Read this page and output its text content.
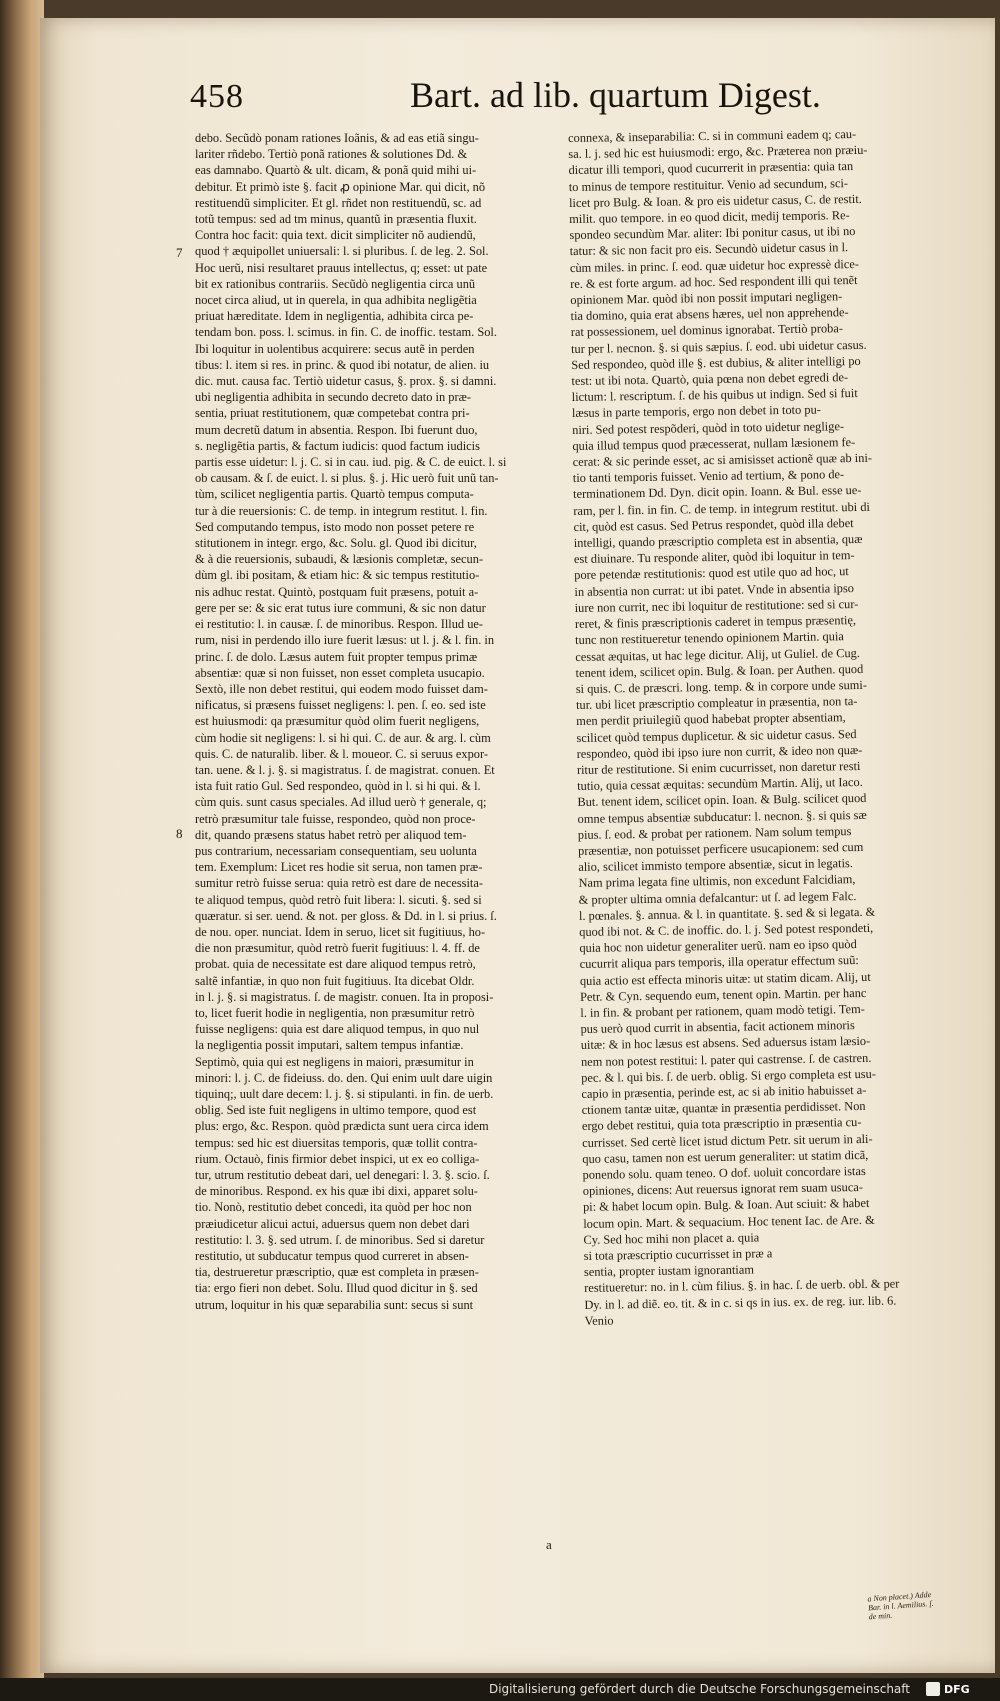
458	Bart. ad lib. quartum Digest.
7
8
a
debo. Secũdò ponam rationes Ioãnis, & ad eas etiã singu-
lariter rñdebo. Tertiò ponã rationes & solutiones Dd. &
eas damnabo. Quartò & ult. dicam, & ponã quid mihi ui-
debitur. Et primò iste §. facit ꝓ opinione Mar. qui dicit, nõ
restituendũ simpliciter. Et gl. rñdet non restituendũ, sc. ad
totũ tempus: sed ad tm minus, quantũ in præsentia fluxit.
Contra hoc facit: quia text. dicit simpliciter nõ audiendũ,
quod † æquipollet uniuersali: l. si pluribus. ſ. de leg. 2. Sol.
Hoc uerũ, nisi resultaret prauus intellectus, q; esset: ut pate
bit ex rationibus contrariis. Secũdò negligentia circa unũ
nocet circa aliud, ut in querela, in qua adhibita negligẽtia
priuat hæreditate. Idem in negligentia, adhibita circa pe-
tendam bon. poss. l. scimus. in fin. C. de inoffic. testam. Sol.
Ibi loquitur in uolentibus acquirere: secus autẽ in perden
tibus: l. item si res. in princ. & quod ibi notatur, de alien. iu
dic. mut. causa fac. Tertiò uidetur casus, §. prox. §. si damni.
ubi negligentia adhibita in secundo decreto dato in præ-
sentia, priuat restitutionem, quæ competebat contra pri-
mum decretũ datum in absentia. Respon. Ibi fuerunt duo,
s. negligẽtia partis, & factum iudicis: quod factum iudicis
partis esse uidetur: l. j. C. si in cau. iud. pig. & C. de euict. l. si
ob causam. & ſ. de euict. l. si plus. §. j. Hic uerò fuit unũ tan-
tùm, scilicet negligentia partis. Quartò tempus computa-
tur à die reuersionis: C. de temp. in integrum restitut. l. fin.
Sed computando tempus, isto modo non posset petere re
stitutionem in integr. ergo, &c. Solu. gl. Quod ibi dicitur,
& à die reuersionis, subaudi, & læsionis completæ, secun-
dùm gl. ibi positam, & etiam hic: & sic tempus restitutio-
nis adhuc restat. Quintò, postquam fuit præsens, potuit a-
gere per se: & sic erat tutus iure communi, & sic non datur
ei restitutio: l. in causæ. ſ. de minoribus. Respon. Illud ue-
rum, nisi in perdendo illo iure fuerit læsus: ut l. j. & l. fin. in
princ. ſ. de dolo. Læsus autem fuit propter tempus primæ
absentiæ: quæ si non fuisset, non esset completa usucapio.
Sextò, ille non debet restitui, qui eodem modo fuisset dam-
nificatus, si præsens fuisset negligens: l. pen. ſ. eo. sed iste
est huiusmodi: qa præsumitur quòd olim fuerit negligens,
cùm hodie sit negligens: l. si hi qui. C. de aur. & arg. l. cùm
quis. C. de naturalib. liber. & l. moueor. C. si seruus expor-
tan. uene. & l. j. §. si magistratus. ſ. de magistrat. conuen. Et
ista fuit ratio Gul. Sed respondeo, quòd in l. si hi qui. & l.
cùm quis. sunt casus speciales. Ad illud uerò † generale, q;
retrò præsumitur tale fuisse, respondeo, quòd non proce-
dit, quando præsens status habet retrò per aliquod tem-
pus contrarium, necessariam consequentiam, seu uolunta
tem. Exemplum: Licet res hodie sit serua, non tamen præ-
sumitur retrò fuisse serua: quia retrò est dare de necessita-
te aliquod tempus, quòd retrò fuit libera: l. sicuti. §. sed si
quæratur. si ser. uend. & not. per gloss. & Dd. in l. si prius. ſ.
de nou. oper. nunciat. Idem in seruo, licet sit fugitiuus, ho-
die non præsumitur, quòd retrò fuerit fugitiuus: l. 4. ff. de
probat. quia de necessitate est dare aliquod tempus retrò,
saltẽ infantiæ, in quo non fuit fugitiuus. Ita dicebat Oldr.
in l. j. §. si magistratus. ſ. de magistr. conuen. Ita in proposi-
to, licet fuerit hodie in negligentia, non præsumitur retrò
fuisse negligens: quia est dare aliquod tempus, in quo nul
la negligentia possit imputari, saltem tempus infantiæ.
Septimò, quia qui est negligens in maiori, præsumitur in
minori: l. j. C. de fideiuss. do. den. Qui enim uult dare uigin
tiquinq;, uult dare decem: l. j. §. si stipulanti. in fin. de uerb.
oblig. Sed iste fuit negligens in ultimo tempore, quod est
plus: ergo, &c. Respon. quòd prædicta sunt uera circa idem
tempus: sed hic est diuersitas temporis, quæ tollit contra-
rium. Octauò, finis firmior debet inspici, ut ex eo colliga-
tur, utrum restitutio debeat dari, uel denegari: l. 3. §. scio. ſ.
de minoribus. Respond. ex his quæ ibi dixi, apparet solu-
tio. Nonò, restitutio debet concedi, ita quòd per hoc non
præiudicetur alicui actui, aduersus quem non debet dari
restitutio: l. 3. §. sed utrum. ſ. de minoribus. Sed si daretur
restitutio, ut subducatur tempus quod curreret in absen-
tia, destrueretur præscriptio, quæ est completa in præsen-
tia: ergo fieri non debet. Solu. Illud quod dicitur in §. sed
utrum, loquitur in his quæ separabilia sunt: secus si sunt
connexa, & inseparabilia: C. si in communi eadem q; cau-
sa. l. j. sed hic est huiusmodi: ergo, &c. Præterea non præiu-
dicatur illi tempori, quod cucurrerit in præsentia: quia tan
to minus de tempore restituitur. Venio ad secundum, sci-
licet pro Bulg. & Ioan. & pro eis uidetur casus, C. de restit.
milit. quo tempore. in eo quod dicit, medij temporis. Re-
spondeo secundùm Mar. aliter: Ibi ponitur casus, ut ibi no
tatur: & sic non facit pro eis. Secundò uidetur casus in l.
cùm miles. in princ. ſ. eod. quæ uidetur hoc expressè dice-
re. & est forte argum. ad hoc. Sed respondent illi qui tenẽt
opinionem Mar. quòd ibi non possit imputari negligen-
tia domino, quia erat absens hæres, uel non apprehende-
rat possessionem, uel dominus ignorabat. Tertiò proba-
tur per l. necnon. §. si quis sæpius. ſ. eod. ubi uidetur casus.
Sed respondeo, quòd ille §. est dubius, & aliter intelligi po
test: ut ibi nota. Quartò, quia pœna non debet egredi de-
lictum: l. rescriptum. ſ. de his quibus ut indign. Sed si fuit
læsus in parte temporis, ergo non debet in toto pu-
niri. Sed potest respõderi, quòd in toto uidetur neglige-
quia illud tempus quod præcesserat, nullam læsionem fe-
cerat: & sic perinde esset, ac si amisisset actionẽ quæ ab ini-
tio tanti temporis fuisset. Venio ad tertium, & pono de-
terminationem Dd. Dyn. dicit opin. Ioann. & Bul. esse ue-
ram, per l. fin. in fin. C. de temp. in integrum restitut. ubi di
cit, quòd est casus. Sed Petrus respondet, quòd illa debet
intelligi, quando præscriptio completa est in absentia, quæ
est diuinare. Tu responde aliter, quòd ibi loquitur in tem-
pore petendæ restitutionis: quod est utile quo ad hoc, ut
in absentia non currat: ut ibi patet. Vnde in absentia ipso
iure non currit, nec ibi loquitur de restitutione: sed si cur-
reret, & finis præscriptionis caderet in tempus præsentię,
tunc non restitueretur tenendo opinionem Martin. quia
cessat æquitas, ut hac lege dicitur. Alij, ut Guliel. de Cug.
tenent idem, scilicet opin. Bulg. & Ioan. per Authen. quod
si quis. C. de præscri. long. temp. & in corpore unde sumi-
tur. ubi licet præscriptio compleatur in præsentia, non ta-
men perdit priuilegiũ quod habebat propter absentiam,
scilicet quòd tempus duplicetur. & sic uidetur casus. Sed
respondeo, quòd ibi ipso iure non currit, & ideo non quæ-
ritur de restitutione. Si enim cucurrisset, non daretur resti
tutio, quia cessat æquitas: secundùm Martin. Alij, ut Iaco.
But. tenent idem, scilicet opin. Ioan. & Bulg. scilicet quod
omne tempus absentiæ subducatur: l. necnon. §. si quis sæ
pius. ſ. eod. & probat per rationem. Nam solum tempus
præsentiæ, non potuisset perficere usucapionem: sed cum
alio, scilicet immisto tempore absentiæ, sicut in legatis.
Nam prima legata fine ultimis, non excedunt Falcidiam,
& propter ultima omnia defalcantur: ut ſ. ad legem Falc.
l. pœnales. §. annua. & l. in quantitate. §. sed & si legata. &
quod ibi not. & C. de inoffic. do. l. j. Sed potest respondeti,
quia hoc non uidetur generaliter uerũ. nam eo ipso quòd
cucurrit aliqua pars temporis, illa operatur effectum suũ:
quia actio est effecta minoris uitæ: ut statim dicam. Alij, ut
Petr. & Cyn. sequendo eum, tenent opin. Martin. per hanc
l. in fin. & probant per rationem, quam modò tetigi. Tem-
pus uerò quod currit in absentia, facit actionem minoris
uitæ: & in hoc læsus est absens. Sed aduersus istam læsio-
nem non potest restitui: l. pater qui castrense. ſ. de castren.
pec. & l. qui bis. ſ. de uerb. oblig. Si ergo completa est usu-
capio in præsentia, perinde est, ac si ab initio habuisset a-
ctionem tantæ uitæ, quantæ in præsentia perdidisset. Non
ergo debet restitui, quia tota præscriptio in præsentia cu-
currisset. Sed certè licet istud dictum Petr. sit uerum in ali-
quo casu, tamen non est uerum generaliter: ut statim dicã,
ponendo solu. quam teneo. O dof. uoluit concordare istas
opiniones, dicens: Aut reuersus ignorat rem suam usuca-
pi: & habet locum opin. Bulg. & Ioan. Aut sciuit: & habet
locum opin. Mart. & sequacium. Hoc tenent Iac. de Are. &
Cy. Sed hoc mihi non placet a. quia
si tota præscriptio cucurrisset in præ a
sentia, propter iustam ignorantiam
restitueretur: no. in l. cùm filius. §. in hac. ſ. de uerb. obl. & per
Dy. in l. ad diẽ. eo. tit. & in c. si qs in ius. ex. de reg. iur. lib. 6.
Venio
a Non placet.) Adde Bar. in l. Aemilius. ſ. de min.
Digitalisierung gefördert durch die Deutsche Forschungsgemeinschaft	DFG
